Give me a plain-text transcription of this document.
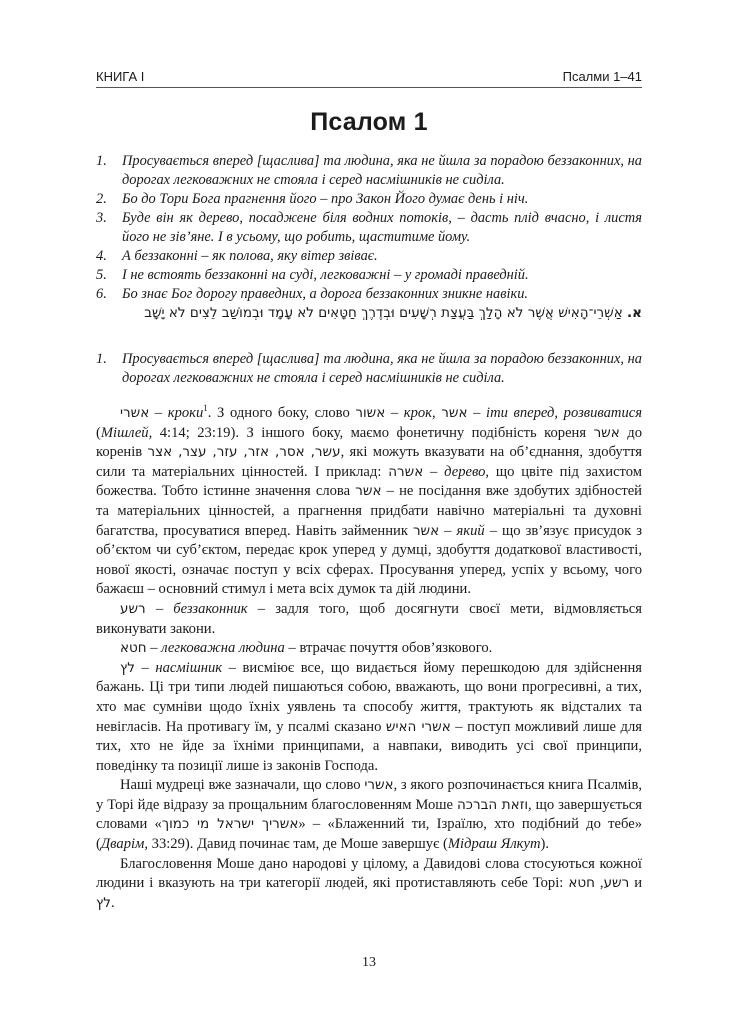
КНИГА I	Псалми 1–41
Псалом 1
1.	Просувається вперед [щаслива] та людина, яка не йшла за порадою беззаконних, на дорогах легковажних не стояла і серед насмішників не сиділа.
2.	Бо до Тори Бога прагнення його – про Закон Його думає день і ніч.
3.	Буде він як дерево, посаджене біля водних потоків, – дасть плід вчасно, і листя його не зів’яне. І в усьому, що робить, щаститиме йому.
4.	А беззаконні – як полова, яку вітер звіває.
5.	І не встоять беззаконні на суді, легковажні – у громаді праведній.
6.	Бо знає Бог дорогу праведних, а дорога беззаконних зникне навіки.
א. אַשְׁרֵי־הָאִישׁ אֲשֶׁר לֹא הָלַךְ בַּעֲצַת רְשָׁעִים וּבְדֶרֶךְ חַטָּאִים לֹא עָמָד וּבְמוֹשַׁב לֵצִים לֹא יָשָׁב
1.	Просувається вперед [щаслива] та людина, яка не йшла за порадою беззаконних, на дорогах легковажних не стояла і серед насмішників не сиділа.

אשרי – кроки$^1$. З одного боку, слово אשור – крок, אשר – іти вперед, розвиватися (Мішлей, 4:14; 23:19). З іншого боку, маємо фонетичну подібність кореня אשר до коренів עשר, אסר, אזר, עזר, עצר, אצר, які можуть вказувати на об’єднання, здобуття сили та матеріальних цінностей. І приклад: אשרה – дерево, що цвіте під захистом божества. Тобто істинне значення слова אשר – не посідання вже здобутих здібностей та матеріальних цінностей, а прагнення придбати навічно матеріальні та духовні багатства, просуватися вперед. Навіть займенник אשר – який – що зв’язує присудок з об’єктом чи суб’єктом, передає крок уперед у думці, здобуття додаткової властивості, нової якості, означає поступ у всіх сферах. Просування уперед, успіх у всьому, чого бажаєш – основний стимул і мета всіх думок та дій людини.

רשע – беззаконник – задля того, щоб досягнути своєї мети, відмовляється виконувати закони.

חטא – легковажна людина – втрачає почуття обов’язкового.

לץ – насмішник – висміює все, що видається йому перешкодою для здійснення бажань. Ці три типи людей пишаються собою, вважають, що вони прогресивні, а тих, хто має сумніви щодо їхніх уявлень та способу життя, трактують як відсталих та невігласів. На противагу їм, у псалмі сказано אשרי האיש – поступ можливий лише для тих, хто не йде за їхніми принципами, а навпаки, виводить усі свої принципи, поведінку та позиції лише із законів Господа.

Наші мудреці вже зазначали, що слово אשרי, з якого розпочинається книга Псалмів, у Торі йде відразу за прощальним благословенням Моше וזאת הברכה, що завершується словами «אשריך ישראל מי כמוך» – «Блаженний ти, Ізраїлю, хто подібний до тебе» (Дварім, 33:29). Давид починає там, де Моше завершує (Мідраш Ялкут).

Благословення Моше дано народові у цілому, а Давидові слова стосуються кожної людини і вказують на три категорії людей, які протиставляють себе Торі:	רשע, חטא и לץ.

13
